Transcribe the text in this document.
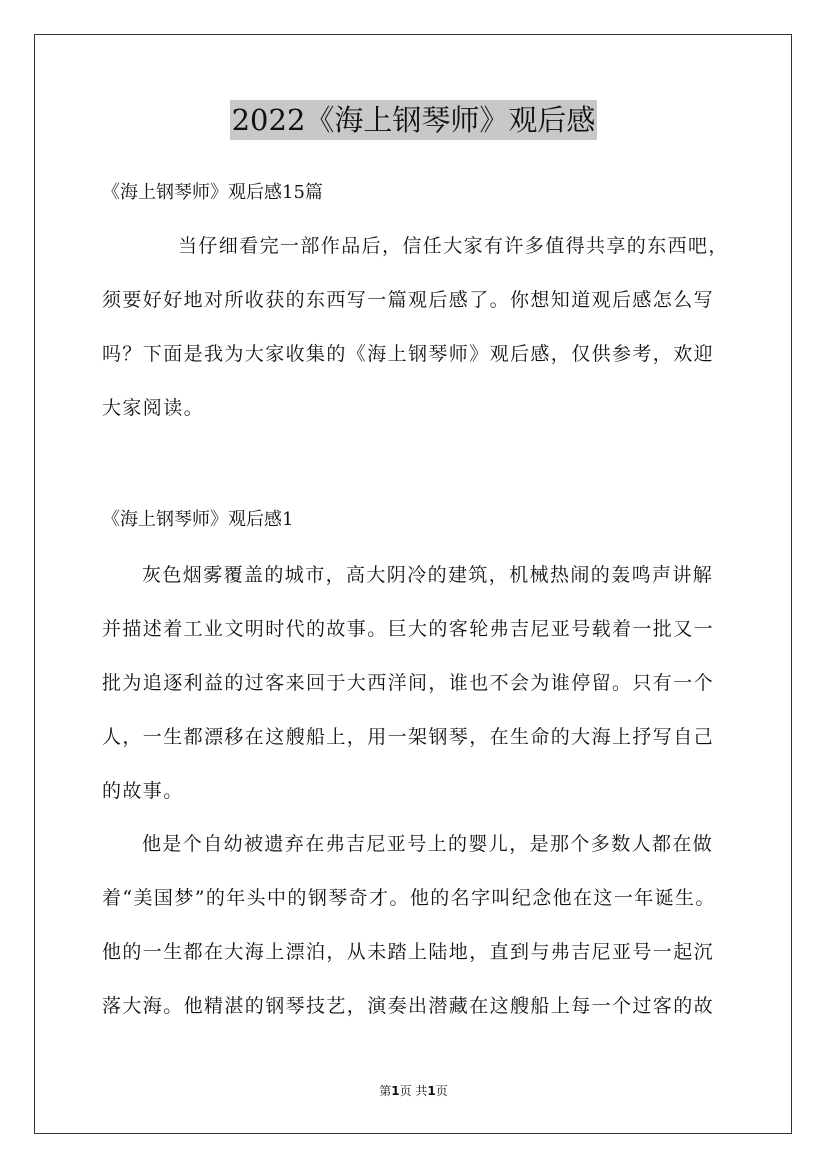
2022《海上钢琴师》观后感

《海上钢琴师》观后感15篇

当仔细看完一部作品后，信任大家有许多值得共享的东西吧，
须要好好地对所收获的东西写一篇观后感了。你想知道观后感怎么写
吗？下面是我为大家收集的《海上钢琴师》观后感，仅供参考，欢迎
大家阅读。

《海上钢琴师》观后感1

灰色烟雾覆盖的城市，高大阴冷的建筑，机械热闹的轰鸣声讲解
并描述着工业文明时代的故事。巨大的客轮弗吉尼亚号载着一批又一
批为追逐利益的过客来回于大西洋间，谁也不会为谁停留。只有一个
人，一生都漂移在这艘船上，用一架钢琴，在生命的大海上抒写自己
的故事。

他是个自幼被遗弃在弗吉尼亚号上的婴儿，是那个多数人都在做
着“美国梦”的年头中的钢琴奇才。他的名字叫纪念他在这一年诞生。
他的一生都在大海上漂泊，从未踏上陆地，直到与弗吉尼亚号一起沉
落大海。他精湛的钢琴技艺，演奏出潜藏在这艘船上每一个过客的故

第1页 共1页
